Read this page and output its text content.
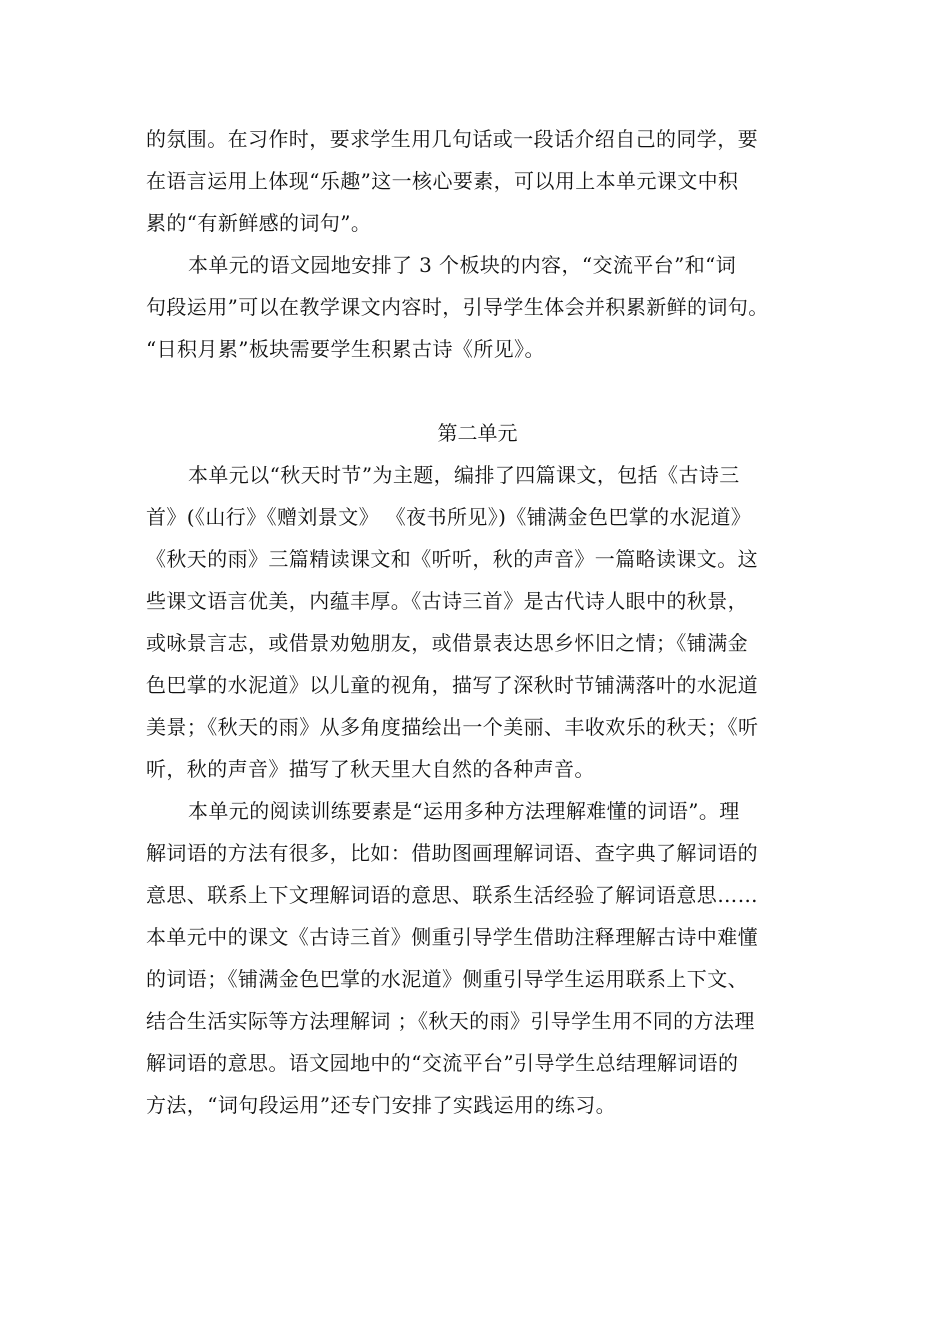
的氛围。在习作时，要求学生用几句话或一段话介绍自己的同学，要
在语言运用上体现“乐趣”这一核心要素，可以用上本单元课文中积
累的“有新鲜感的词句”。
本单元的语文园地安排了 3 个板块的内容，“交流平台”和“词
句段运用”可以在教学课文内容时，引导学生体会并积累新鲜的词句。
“日积月累”板块需要学生积累古诗《所见》。
第二单元
本单元以“秋天时节”为主题，编排了四篇课文，包括《古诗三
首》(《山行》《赠刘景文》 《夜书所见》)《铺满金色巴掌的水泥道》
《秋天的雨》三篇精读课文和《听听，秋的声音》一篇略读课文。这
些课文语言优美，内蕴丰厚。《古诗三首》是古代诗人眼中的秋景，
或咏景言志，或借景劝勉朋友，或借景表达思乡怀旧之情；《铺满金
色巴掌的水泥道》以儿童的视角，描写了深秋时节铺满落叶的水泥道
美景；《秋天的雨》从多角度描绘出一个美丽、丰收欢乐的秋天；《听
听，秋的声音》描写了秋天里大自然的各种声音。
本单元的阅读训练要素是“运用多种方法理解难懂的词语”。理
解词语的方法有很多，比如：借助图画理解词语、查字典了解词语的
意思、联系上下文理解词语的意思、联系生活经验了解词语意思……
本单元中的课文《古诗三首》侧重引导学生借助注释理解古诗中难懂
的词语；《铺满金色巴掌的水泥道》侧重引导学生运用联系上下文、
结合生活实际等方法理解词 ；《秋天的雨》引导学生用不同的方法理
解词语的意思。语文园地中的“交流平台”引导学生总结理解词语的
方法，“词句段运用”还专门安排了实践运用的练习。
